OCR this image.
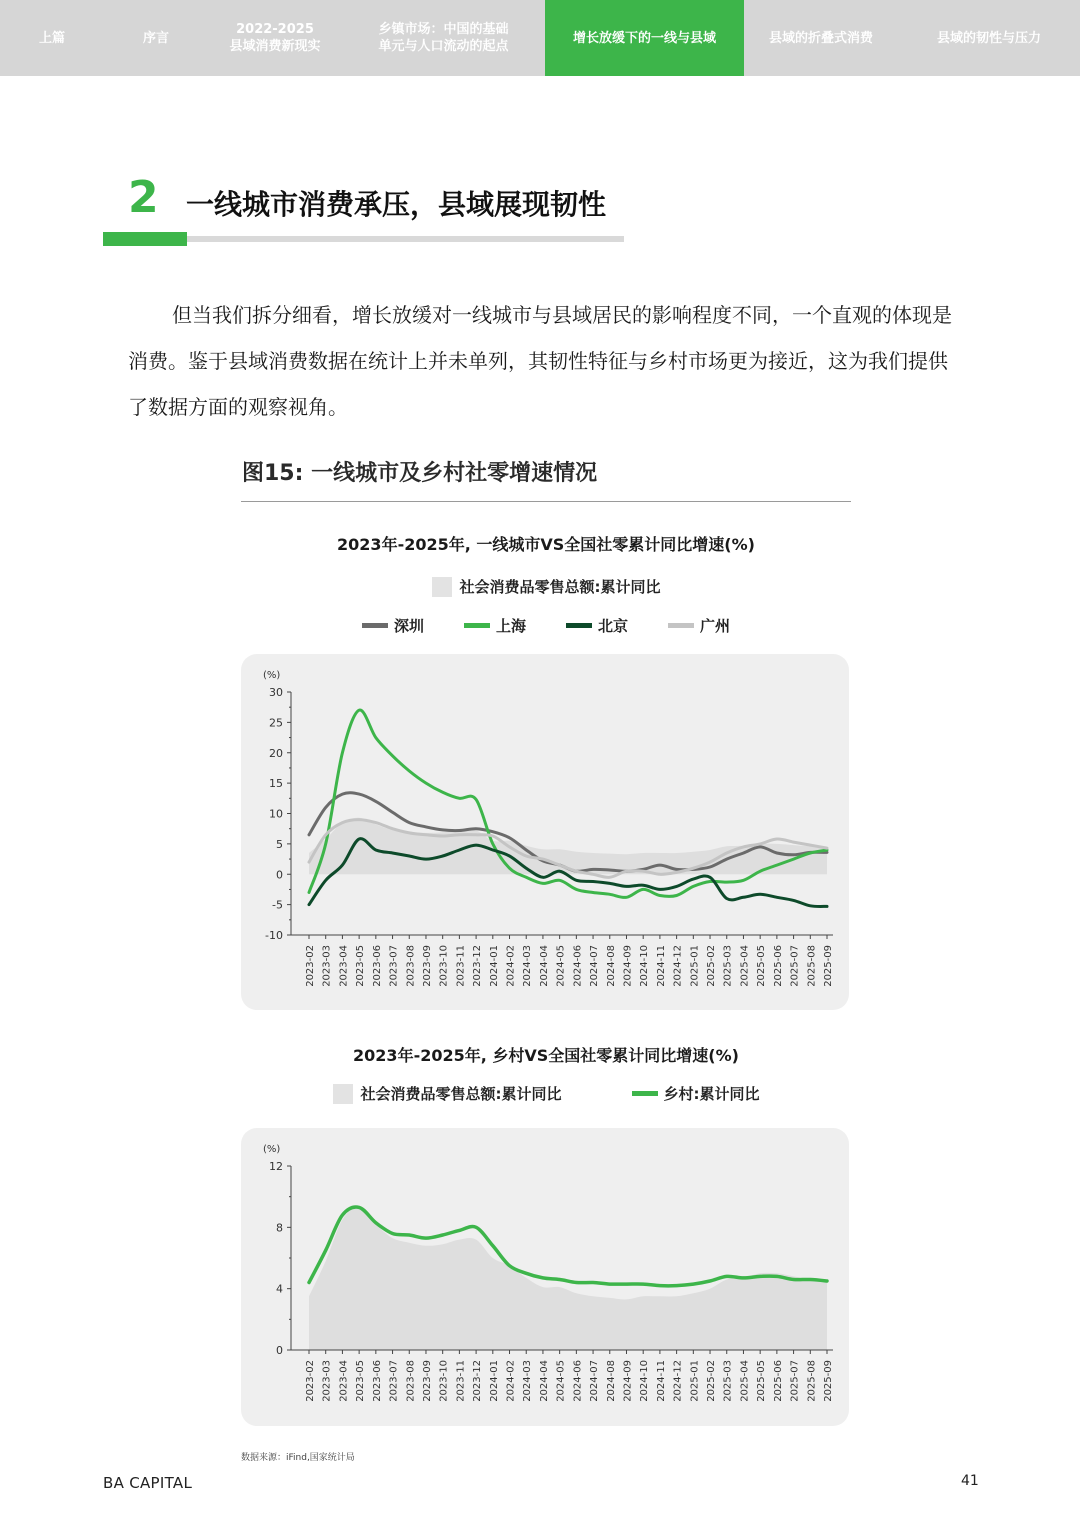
上篇	序言
2022-2025
县域消费新现实
乡镇市场：中国的基础
单元与人口流动的起点
增长放缓下的一线与县域	县域的折叠式消费	县域的韧性与压力
2 一线城市消费承压，县域展现韧性

但当我们拆分细看，增长放缓对一线城市与县域居民的影响程度不同，一个直观的体现是消费。鉴于县域消费数据在统计上并未单列，其韧性特征与乡村市场更为接近，这为我们提供了数据方面的观察视角。

图15: 一线城市及乡村社零增速情况
2023年-2025年, 一线城市VS全国社零累计同比增速(%)
社会消费品零售总额:累计同比
深圳	上海	北京	广州
-10
-5
0
5
10
15
20
25
30
(%)
2023-02 2023-03 2023-04 2023-05 2023-06 2023-07 2023-08 2023-09 2023-10 2023-11 2023-12 2024-01 2024-02 2024-03 2024-04 2024-05 2024-06 2024-07 2024-08 2024-09 2024-10 2024-11 2024-12 2025-01 2025-02 2025-03 2025-04 2025-05 2025-06 2025-07 2025-08 2025-09
2023年-2025年, 乡村VS全国社零累计同比增速(%)
社会消费品零售总额:累计同比	乡村:累计同比
0
4
8
12
(%)
2023-02 2023-03 2023-04 2023-05 2023-06 2023-07 2023-08 2023-09 2023-10 2023-11 2023-12 2024-01 2024-02 2024-03 2024-04 2024-05 2024-06 2024-07 2024-08 2024-09 2024-10 2024-11 2024-12 2025-01 2025-02 2025-03 2025-04 2025-05 2025-06 2025-07 2025-08 2025-09
数据来源：iFind,国家统计局
BA CAPITAL	41
